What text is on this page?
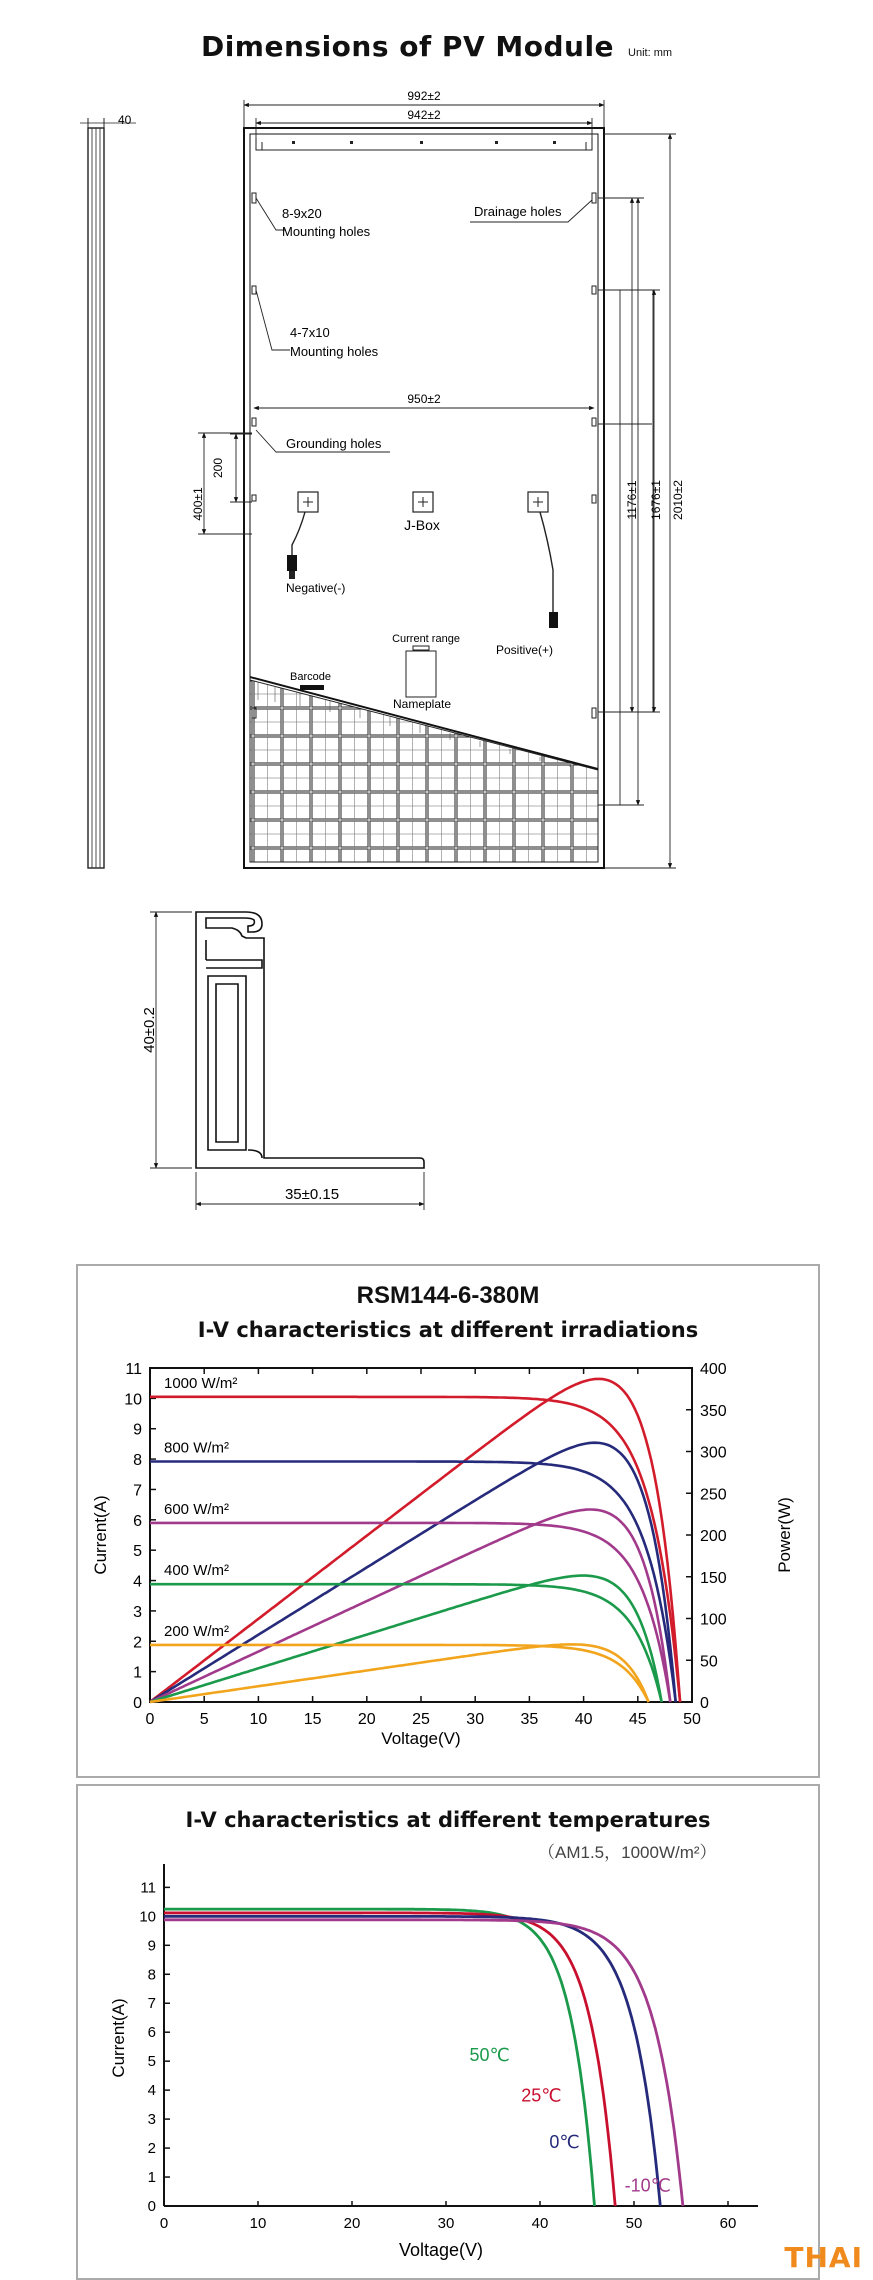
Dimensions of PV Module Unit: mm
40
992±2
942±2
950±2
400±1
200
1176±1 1676±1 2010±2
8-9x20
Mounting holes
4-7x10
Mounting holes
Drainage holes
Grounding holes
J-Box
Negative(-)
Positive(+)
Current range
Barcode
Nameplate
40±0.2
35±0.15
RSM144-6-380M
I-V characteristics at different irradiations
0	5	10 15 20 25 30 35 40 45 50
0
1
2
3
4
5
6
7
8
9
10
11
0
50
100
150
200
250
300
350
400
Voltage(V)
Current(A)	Power(W)
1000 W/m²
800 W/m²
600 W/m²
400 W/m²
200 W/m²
I-V characteristics at different temperatures
（AM1.5，1000W/m²）
0	10	20	30	40	50	60
0
1
2
3
4
5
6
7
8
9
10
11
Voltage(V)
Current(A)	50℃
25℃
0℃
-10℃
THAI
